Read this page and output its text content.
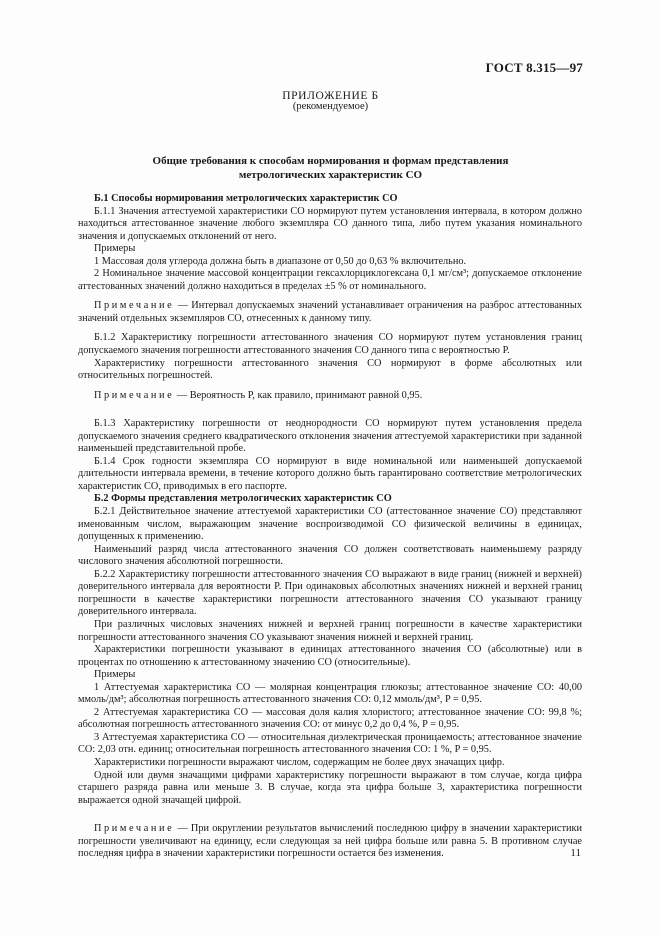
ГОСТ 8.315—97
ПРИЛОЖЕНИЕ Б
(рекомендуемое)
Общие требования к способам нормирования и формам представления
метрологических характеристик СО

Б.1 Способы нормирования метрологических характеристик СО

Б.1.1 Значения аттестуемой характеристики СО нормируют путем установления интервала, в котором должно находиться аттестованное значение любого экземпляра СО данного типа, либо путем указания номинального значения и допускаемых отклонений от него.

Примеры

1 Массовая доля углерода должна быть в диапазоне от 0,50 до 0,63 % включительно.

2 Номинальное значение массовой концентрации гексахлорциклогексана 0,1 мг/см³; допускаемое отклонение аттестованных значений должно находиться в пределах ±5 % от номинального.

Примечание — Интервал допускаемых значений устанавливает ограничения на разброс аттестованных значений отдельных экземпляров СО, отнесенных к данному типу.

Б.1.2 Характеристику погрешности аттестованного значения СО нормируют путем установления границ допускаемого значения погрешности аттестованного значения СО данного типа с вероятностью P.

Характеристику погрешности аттестованного значения СО нормируют в форме абсолютных или относительных погрешностей.

Примечание — Вероятность P, как правило, принимают равной 0,95.

Б.1.3 Характеристику погрешности от неоднородности СО нормируют путем установления предела допускаемого значения среднего квадратического отклонения значения аттестуемой характеристики при заданной наименьшей представительной пробе.

Б.1.4 Срок годности экземпляра СО нормируют в виде номинальной или наименьшей допускаемой длительности интервала времени, в течение которого должно быть гарантировано соответствие метрологических характеристик СО, приводимых в его паспорте.

Б.2 Формы представления метрологических характеристик СО

Б.2.1 Действительное значение аттестуемой характеристики СО (аттестованное значение СО) представляют именованным числом, выражающим значение воспроизводимой СО физической величины в единицах, допущенных к применению.

Наименьший разряд числа аттестованного значения СО должен соответствовать наименьшему разряду числового значения абсолютной погрешности.

Б.2.2 Характеристику погрешности аттестованного значения СО выражают в виде границ (нижней и верхней) доверительного интервала для вероятности P. При одинаковых абсолютных значениях нижней и верхней границ погрешности в качестве характеристики погрешности аттестованного значения СО указывают границу доверительного интервала.

При различных числовых значениях нижней и верхней границ погрешности в качестве характеристики погрешности аттестованного значения СО указывают значения нижней и верхней границ.

Характеристики погрешности указывают в единицах аттестованного значения СО (абсолютные) или в процентах по отношению к аттестованному значению СО (относительные).

Примеры

1 Аттестуемая характеристика СО — молярная концентрация глюкозы; аттестованное значение СО: 40,00 ммоль/дм³; абсолютная погрешность аттестованного значения СО: 0,12 ммоль/дм³, P = 0,95.

2 Аттестуемая характеристика СО — массовая доля калия хлористого; аттестованное значение СО: 99,8 %; абсолютная погрешность аттестованного значения СО: от минус 0,2 до 0,4 %, P = 0,95.

3 Аттестуемая характеристика СО — относительная диэлектрическая проницаемость; аттестованное значение СО: 2,03 отн. единиц; относительная погрешность аттестованного значения СО: 1 %, P = 0,95.

Характеристики погрешности выражают числом, содержащим не более двух значащих цифр.

Одной или двумя значащими цифрами характеристику погрешности выражают в том случае, когда цифра старшего разряда равна или меньше 3. В случае, когда эта цифра больше 3, характеристика погрешности выражается одной значащей цифрой.

Примечание — При округлении результатов вычислений последнюю цифру в значении характеристики погрешности увеличивают на единицу, если следующая за ней цифра больше или равна 5. В противном случае последняя цифра в значении характеристики погрешности остается без изменения.	11
